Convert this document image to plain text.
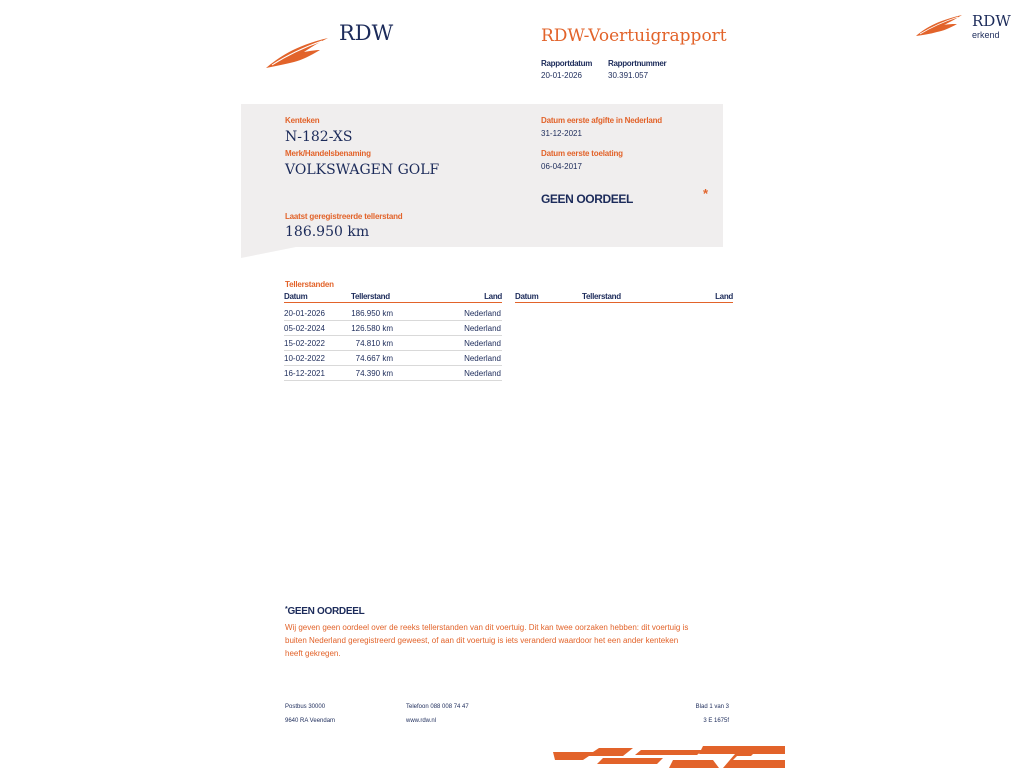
RDW	RDW-Voertuigrapport
Rapportdatum
20-01-2026
Rapportnummer
30.391.057
RDW
erkend
Kenteken
N-182-XS
Merk/Handelsbenaming
VOLKSWAGEN GOLF
Laatst geregistreerde tellerstand
186.950 km
Datum eerste afgifte in Nederland
31-12-2021
Datum eerste toelating
06-04-2017
GEEN OORDEEL	*
Tellerstanden
Datum	Tellerstand	Land Datum	Tellerstand	Land
20-01-2026	186.950 km	Nederland
05-02-2024	126.580 km	Nederland
15-02-2022	74.810 km	Nederland
10-02-2022	74.667 km	Nederland
16-12-2021	74.390 km	Nederland
*GEEN OORDEEL
Wij geven geen oordeel over de reeks tellerstanden van dit voertuig. Dit kan twee oorzaken hebben: dit voertuig is
buiten Nederland geregistreerd geweest, of aan dit voertuig is iets veranderd waardoor het een ander kenteken
heeft gekregen.
Postbus 30000
9640 RA Veendam
Telefoon 088 008 74 47
www.rdw.nl
Blad 1 van 3
3 E 1675f
